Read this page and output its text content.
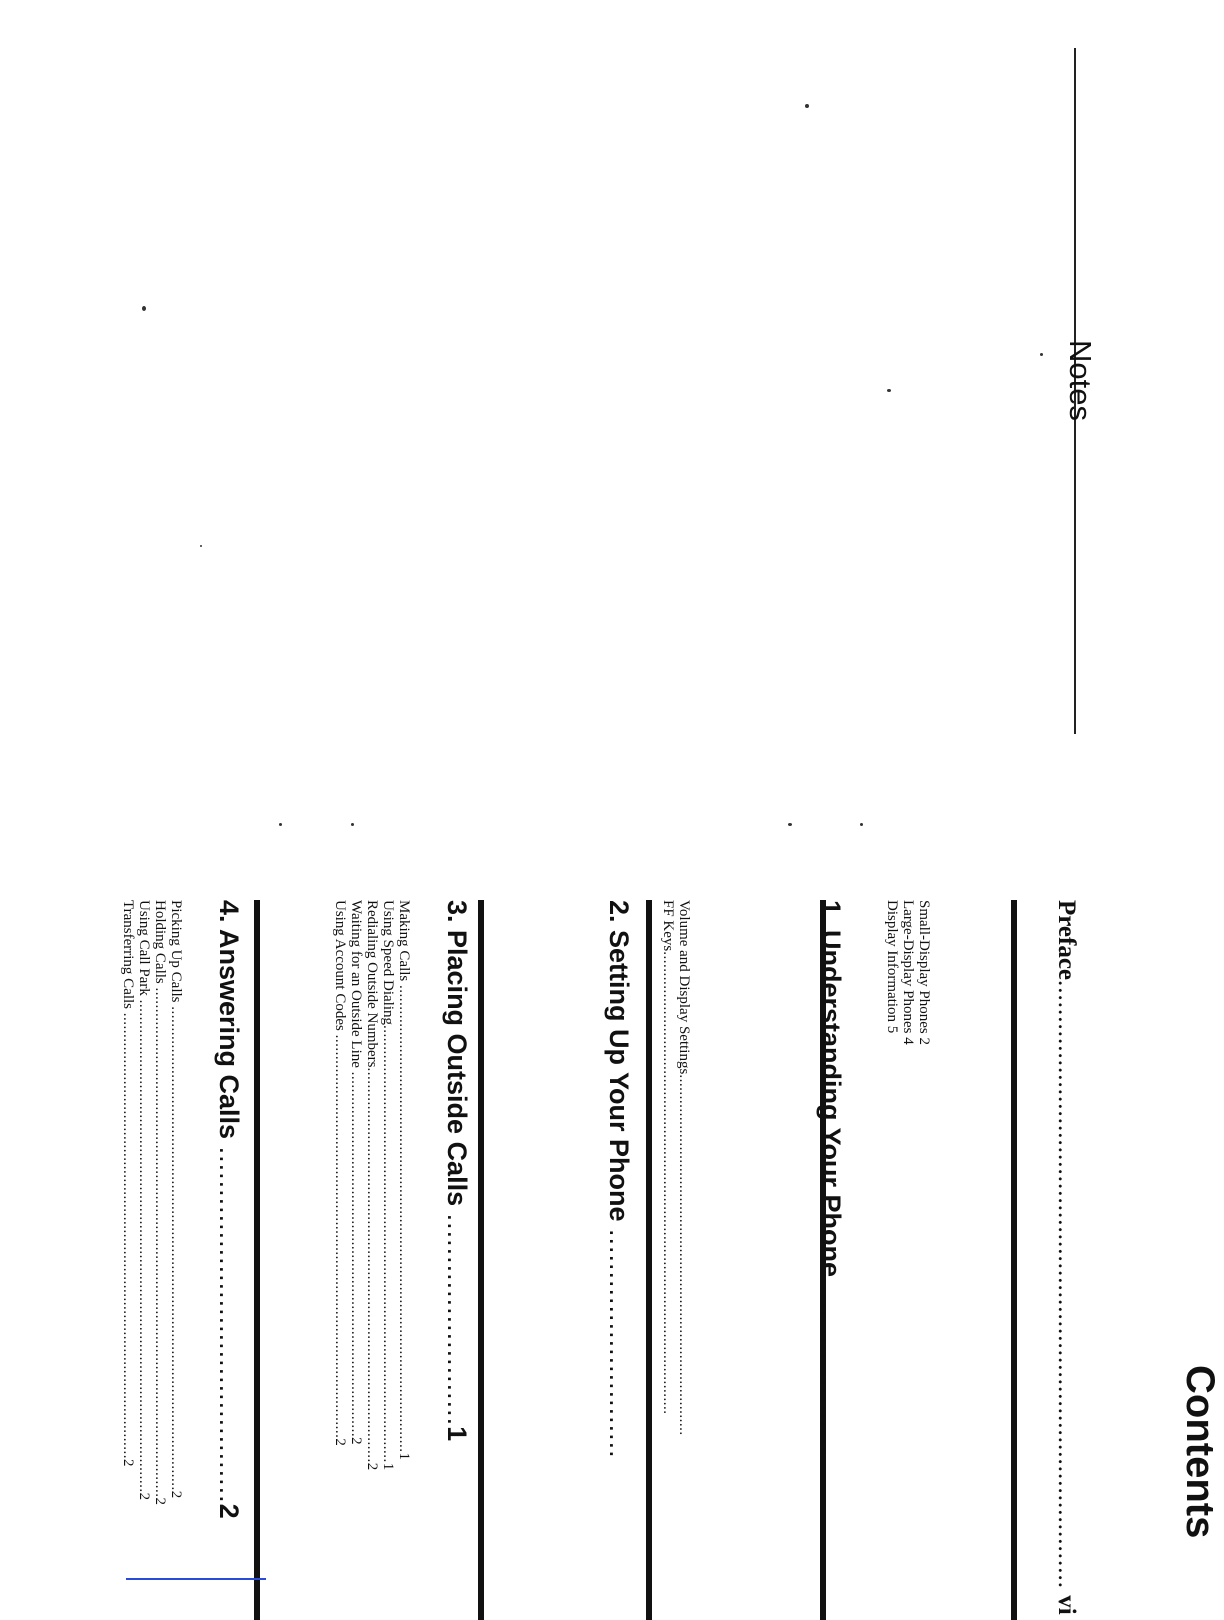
Notes
Contents
Preface.................................................................................... vi
1. Understanding Your Phone ....................
Small-Display Phones 2
Large-Display Phones 4
Display Information 5
2. Setting Up Your Phone ...........................
Volume and Display Settings.....................................................................................
FF Keys.............................................................................................................
3. Placing Outside Calls .........................1
Making Calls ..............................................................................................................1
Using Speed Dialing.......................................................................................................1
Redialing Outside Numbers.............................................................................................2
Waiting for an Outside Line ......................................................................................2
Using Account Codes ...............................................................................................2
4. Answering Calls ..........................................2
Picking Up Calls ..................................................................................................................2
Holding Calls ........................................................................................................................2
Using Call Park ....................................................................................................................2
Transferring Calls .........................................................................................................2
